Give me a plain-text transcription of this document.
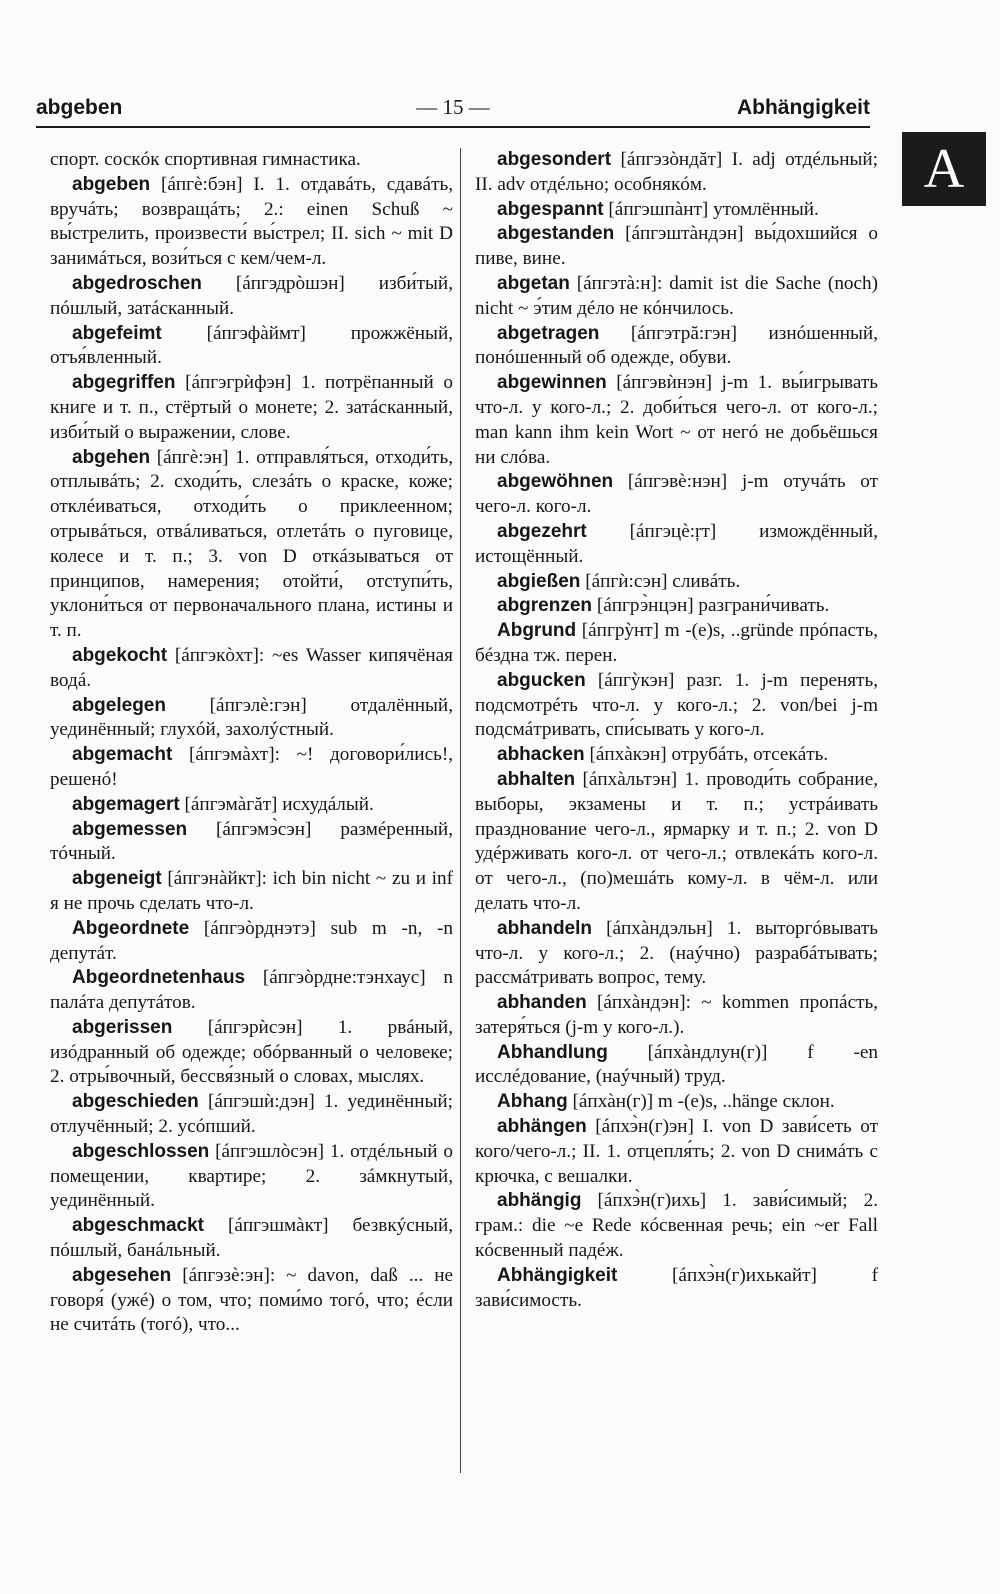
abgeben	— 15 —	Abhängigkeit
A

спорт. соскóк спортивная гимнастика.

abgeben [áпгѐ:бэн] I. 1. отдавáть, сдавáть, вручáть; возвращáть; 2.: einen Schuß ~ вы́стрелить, произвести́ вы́стрел; II. sich ~ mit D занимáться, вози́ться с кем/чем-л.

abgedroschen [áпгэдрòшэн] изби́тый, пóшлый, затáсканный.

abgefeimt [áпгэфàймт] прожжёный, отъя́вленный.

abgegriffen [áпгэгрѝфэн] 1. потрёпанный о книге и т. п., стёртый о монете; 2. затáсканный, изби́тый о выражении, слове.

abgehen [áпгѐ:эн] 1. отправля́ться, отходи́ть, отплывáть; 2. сходи́ть, слезáть о краске, коже; отклéиваться, отходи́ть о приклеенном; отрывáться, отвáливаться, отлетáть о пуговице, колесе и т. п.; 3. von D откáзываться от принципов, намерения; отойти́, отступи́ть, уклони́ться от первоначального плана, истины и т. п.

abgekocht [áпгэкòхт]: ~es Wasser кипячёная водá.

abgelegen [áпгэлѐ:гэн] отдалённый, уединённый; глухóй, захолýстный.

abgemacht [áпгэмàхт]: ~! договори́лись!, решенó!

abgemagert [áпгэмàгăт] исхудáлый.

abgemessen [áпгэмэ̀сэн] размéренный, тóчный.

abgeneigt [áпгэнàйкт]: ich bin nicht ~ zu и inf я не прочь сделать что-л.

Abgeordnete [áпгэòрднэтэ] sub m -n, -n депутáт.

Abgeordnetenhaus [áпгэòрдне:тэнхаус] n палáта депутáтов.

abgerissen [áпгэрѝсэн] 1. рвáный, изóдранный об одежде; обóрванный о человеке; 2. отры́вочный, бессвя́зный о словах, мыслях.

abgeschieden [áпгэшѝ:дэн] 1. уединённый; отлучённый; 2. усóпший.

abgeschlossen [áпгэшлòсэн] 1. отдéльный о помещении, квартире; 2. зáмкнутый, уединённый.

abgeschmackt [áпгэшмàкт] безвкýсный, пóшлый, банáльный.

abgesehen [áпгэзѐ:эн]: ~ davon, daß ... не говоря́ (ужé) о том, что; поми́мо тогó, что; éсли не считáть (тогó), что...

abgesondert [áпгэзòндăт] I. adj отдéльный; II. adv отдéльно; особнякóм.

abgespannt [áпгэшпàнт] утомлённый.

abgestanden [áпгэштàндэн] вы́дохшийся о пиве, вине.

abgetan [áпгэтà:н]: damit ist die Sache (noch) nicht ~ э́тим дéло не кóнчилось.

abgetragen [áпгэтрă:гэн] изнóшенный, понóшенный об одежде, обуви.

abgewinnen [áпгэвѝнэн] j-m 1. вы́игрывать что-л. у кого-л.; 2. доби́ться чего-л. от кого-л.; man kann ihm kein Wort ~ от негó не добьёшься ни слóва.

abgewöhnen [áпгэвѐ:нэн] j-m отучáть от чего-л. кого-л.

abgezehrt [áпгэцѐ:ŗт] измождённый, истощённый.

abgießen [áпгѝ:сэн] сливáть.

abgrenzen [áпгрэ̀нцэн] разграни́чивать.

Abgrund [áпгрỳнт] m -(e)s, ..gründe прóпасть, бéздна тж. перен.

abgucken [áпгỳкэн] разг. 1. j-m перенять, подсмотрéть что-л. у кого-л.; 2. von/bei j-m подсмáтривать, спи́сывать у кого-л.

abhacken [áпхàкэн] отрубáть, отсекáть.

abhalten [áпхàльтэн] 1. проводи́ть собрание, выборы, экзамены и т. п.; устрáивать празднование чего-л., ярмарку и т. п.; 2. von D удéрживать кого-л. от чего-л.; отвлекáть кого-л. от чего-л., (по)мешáть кому-л. в чём-л. или делать что-л.

abhandeln [áпхàндэльн] 1. выторгóвывать что-л. у кого-л.; 2. (наýчно) разрабáтывать; рассмáтривать вопрос, тему.

abhanden [áпхàндэн]: ~ kommen пропáсть, затеря́ться (j-m у кого-л.).

Abhandlung [áпхàндлун(г)] f -en исслéдование, (наýчный) труд.

Abhang [áпхàн(г)] m -(e)s, ..hänge склон.

abhängen [áпхэ̀н(г)эн] I. von D зави́сеть от кого/чего-л.; II. 1. отцепля́ть; 2. von D снимáть с крючка, с вешалки.

abhängig [áпхэ̀н(г)ихь] 1. зави́симый; 2. грам.: die ~e Rede кóсвенная речь; ein ~er Fall кóсвенный падéж.

Abhängigkeit	[áпхэ̀н(г)ихькайт]	f зави́симость.
